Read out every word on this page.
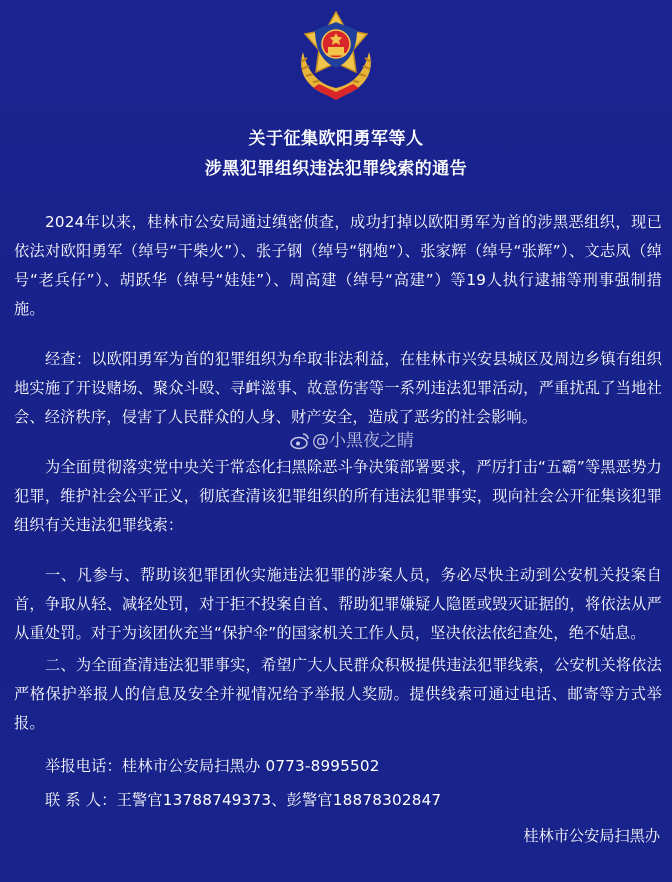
关于征集欧阳勇军等人
涉黑犯罪组织违法犯罪线索的通告

2024年以来，桂林市公安局通过缜密侦查，成功打掉以欧阳勇军为首的涉黑恶组织，现已依法对欧阳勇军（绰号“干柴火”）、张子钢（绰号“钢炮”）、张家辉（绰号“张辉”）、文志凤（绰号“老兵仔”）、胡跃华（绰号“娃娃”）、周高建（绰号“高建”）等19人执行逮捕等刑事强制措施。

经查：以欧阳勇军为首的犯罪组织为牟取非法利益，在桂林市兴安县城区及周边乡镇有组织地实施了开设赌场、聚众斗殴、寻衅滋事、故意伤害等一系列违法犯罪活动，严重扰乱了当地社会、经济秩序，侵害了人民群众的人身、财产安全，造成了恶劣的社会影响。

为全面贯彻落实党中央关于常态化扫黑除恶斗争决策部署要求，严厉打击“五霸”等黑恶势力犯罪，维护社会公平正义，彻底查清该犯罪组织的所有违法犯罪事实，现向社会公开征集该犯罪组织有关违法犯罪线索：

一、凡参与、帮助该犯罪团伙实施违法犯罪的涉案人员，务必尽快主动到公安机关投案自首，争取从轻、减轻处罚，对于拒不投案自首、帮助犯罪嫌疑人隐匿或毁灭证据的，将依法从严从重处罚。对于为该团伙充当“保护伞”的国家机关工作人员，坚决依法依纪查处，绝不姑息。

二、为全面查清违法犯罪事实，希望广大人民群众积极提供违法犯罪线索，公安机关将依法严格保护举报人的信息及安全并视情况给予举报人奖励。提供线索可通过电话、邮寄等方式举报。

举报电话：桂林市公安局扫黑办 0773-8995502
联 系 人：王警官13788749373、彭警官18878302847
桂林市公安局扫黑办
@小黑夜之睛
